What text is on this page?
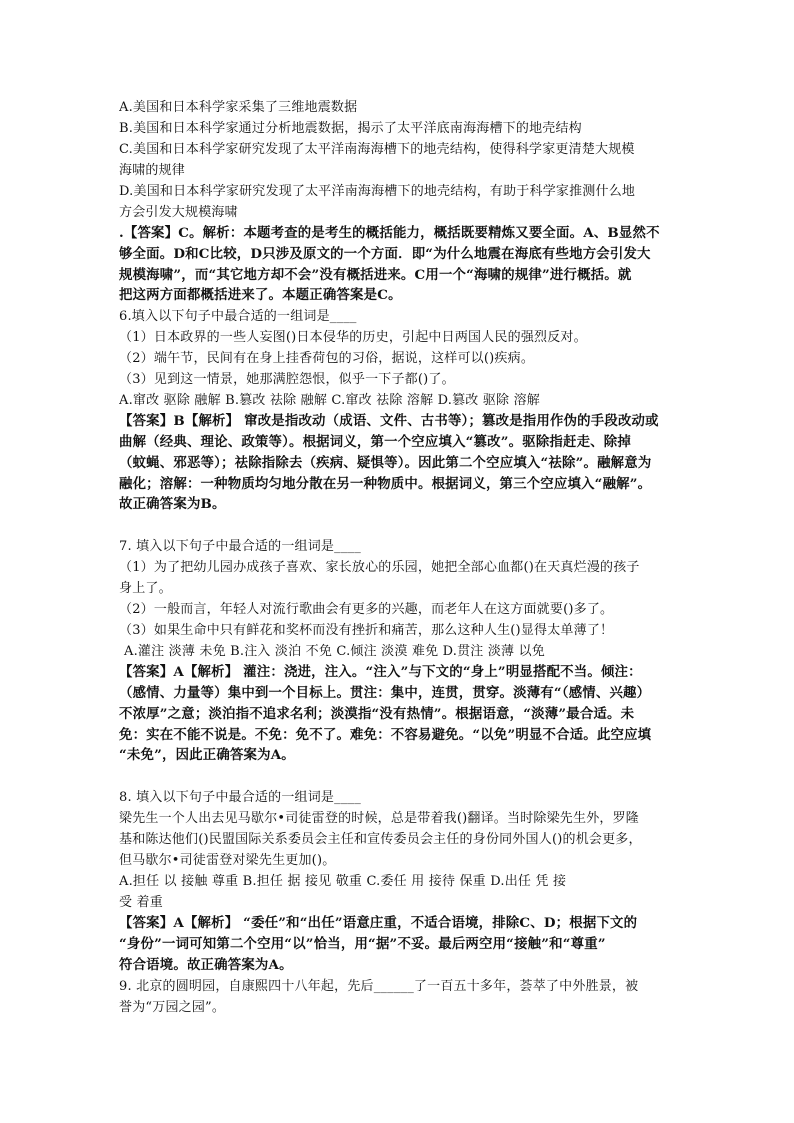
A.美国和日本科学家采集了三维地震数据
B.美国和日本科学家通过分析地震数据，揭示了太平洋底南海海槽下的地壳结构
C.美国和日本科学家研究发现了太平洋南海海槽下的地壳结构，使得科学家更清楚大规模
海啸的规律
D.美国和日本科学家研究发现了太平洋南海海槽下的地壳结构，有助于科学家推测什么地
方会引发大规模海啸
.【答案】C。解析：本题考查的是考生的概括能力，概括既要精炼又要全面。A、B显然不
够全面。D和C比较，D只涉及原文的一个方面．即“为什么地震在海底有些地方会引发大
规模海啸”，而“其它地方却不会”没有概括进来。C用一个“海啸的规律”进行概括。就
把这两方面都概括进来了。本题正确答案是C。
6.填入以下句子中最合适的一组词是____
（1）日本政界的一些人妄图()日本侵华的历史，引起中日两国人民的强烈反对。
（2）端午节，民间有在身上挂香荷包的习俗，据说，这样可以()疾病。
（3）见到这一情景，她那满腔怨恨，似乎一下子都()了。
A.窜改 驱除 融解 B.篡改 祛除 融解 C.窜改 祛除 溶解 D.篡改 驱除 溶解
【答案】B【解析】 窜改是指改动（成语、文件、古书等）；篡改是指用作伪的手段改动或
曲解（经典、理论、政策等）。根据词义，第一个空应填入“篡改”。驱除指赶走、除掉
（蚊蝇、邪恶等）；祛除指除去（疾病、疑惧等）。因此第二个空应填入“祛除”。融解意为
融化；溶解：一种物质均匀地分散在另一种物质中。根据词义，第三个空应填入“融解”。
故正确答案为B。
7. 填入以下句子中最合适的一组词是____
（1）为了把幼儿园办成孩子喜欢、家长放心的乐园，她把全部心血都()在天真烂漫的孩子
身上了。
（2）一般而言，年轻人对流行歌曲会有更多的兴趣，而老年人在这方面就要()多了。
（3）如果生命中只有鲜花和奖杯而没有挫折和痛苦，那么这种人生()显得太单薄了！
A.灌注 淡薄 未免 B.注入 淡泊 不免 C.倾注 淡漠 难免 D.贯注 淡薄 以免
【答案】A【解析】 灌注：浇进，注入。“注入”与下文的“身上”明显搭配不当。倾注：
（感情、力量等）集中到一个目标上。贯注：集中，连贯，贯穿。淡薄有“（感情、兴趣）
不浓厚”之意；淡泊指不追求名利；淡漠指“没有热情”。根据语意，“淡薄”最合适。未
免：实在不能不说是。不免：免不了。难免：不容易避免。“以免”明显不合适。此空应填
“未免”，因此正确答案为A。
8. 填入以下句子中最合适的一组词是____
梁先生一个人出去见马歇尔•司徒雷登的时候，总是带着我()翻译。当时除梁先生外，罗隆
基和陈达他们()民盟国际关系委员会主任和宣传委员会主任的身份同外国人()的机会更多，
但马歇尔•司徒雷登对梁先生更加()。
A.担任 以 接触 尊重 B.担任 据 接见 敬重 C.委任 用 接待 保重 D.出任 凭 接
受 着重
【答案】A【解析】 “委任”和“出任”语意庄重，不适合语境，排除C、D；根据下文的
“身份”一词可知第二个空用“以”恰当，用“据”不妥。最后两空用“接触”和“尊重”
符合语境。故正确答案为A。
9. 北京的圆明园，自康熙四十八年起，先后______了一百五十多年，荟萃了中外胜景，被
誉为“万园之园”。
